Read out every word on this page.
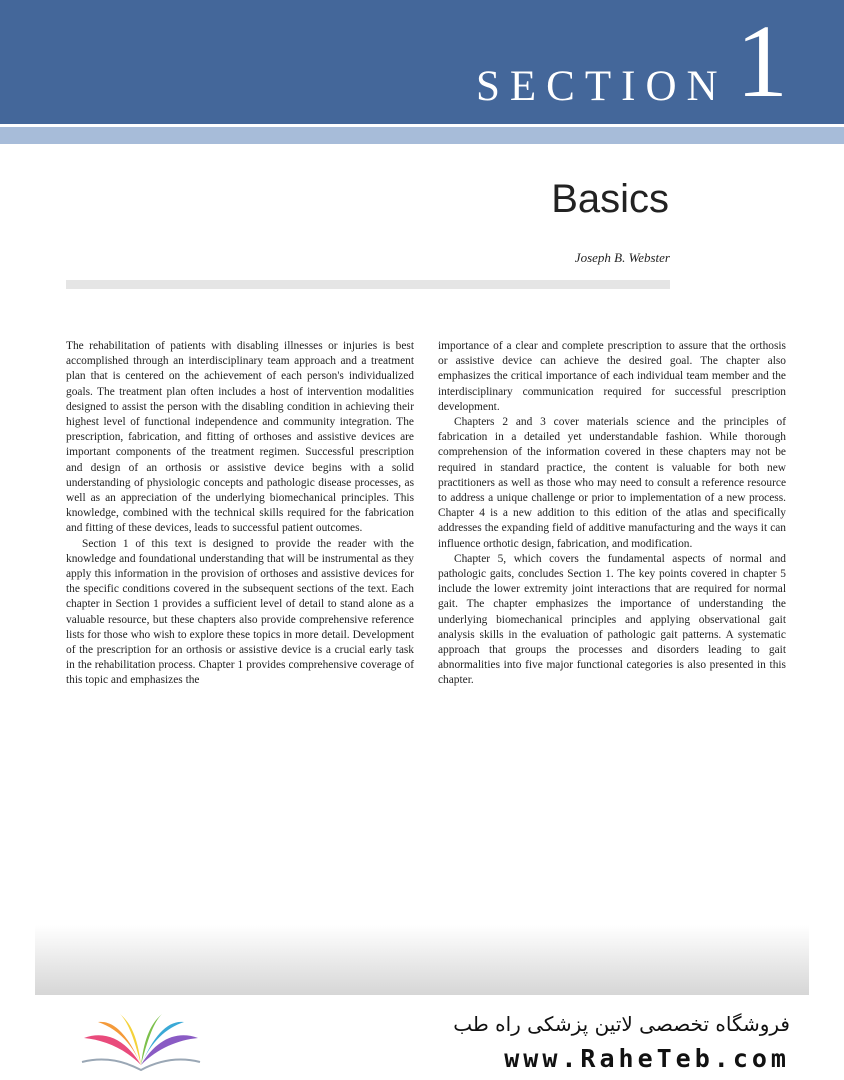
SECTION 1
Basics
Joseph B. Webster

The rehabilitation of patients with disabling illnesses or injuries is best accomplished through an interdisciplinary team approach and a treatment plan that is centered on the achievement of each person's individualized goals. The treatment plan often includes a host of intervention modalities designed to assist the person with the disabling condition in achieving their highest level of functional independence and community integration. The prescription, fabrication, and fitting of orthoses and assistive devices are important components of the treatment regimen. Successful prescription and design of an orthosis or assistive device begins with a solid understanding of physiologic concepts and pathologic disease processes, as well as an appreciation of the underlying biomechanical principles. This knowledge, combined with the technical skills required for the fabrication and fitting of these devices, leads to successful patient outcomes.

Section 1 of this text is designed to provide the reader with the knowledge and foundational understanding that will be instrumental as they apply this information in the provision of orthoses and assistive devices for the specific conditions covered in the subsequent sections of the text. Each chapter in Section 1 provides a sufficient level of detail to stand alone as a valuable resource, but these chapters also provide comprehensive reference lists for those who wish to explore these topics in more detail. Development of the prescription for an orthosis or assistive device is a crucial early task in the rehabilitation process. Chapter 1 provides comprehensive coverage of this topic and emphasizes the

importance of a clear and complete prescription to assure that the orthosis or assistive device can achieve the desired goal. The chapter also emphasizes the critical importance of each individual team member and the interdisciplinary communication required for successful prescription development.

Chapters 2 and 3 cover materials science and the principles of fabrication in a detailed yet understandable fashion. While thorough comprehension of the information covered in these chapters may not be required in standard practice, the content is valuable for both new practitioners as well as those who may need to consult a reference resource to address a unique challenge or prior to implementation of a new process. Chapter 4 is a new addition to this edition of the atlas and specifically addresses the expanding field of additive manufacturing and the ways it can influence orthotic design, fabrication, and modification.

Chapter 5, which covers the fundamental aspects of normal and pathologic gaits, concludes Section 1. The key points covered in chapter 5 include the lower extremity joint interactions that are required for normal gait. The chapter emphasizes the importance of understanding the underlying biomechanical principles and applying observational gait analysis skills in the evaluation of pathologic gait patterns. A systematic approach that groups the processes and disorders leading to gait abnormalities into five major functional categories is also presented in this chapter.

فروشگاه تخصصی لاتین پزشکی راه طب
www.RaheTeb.com
